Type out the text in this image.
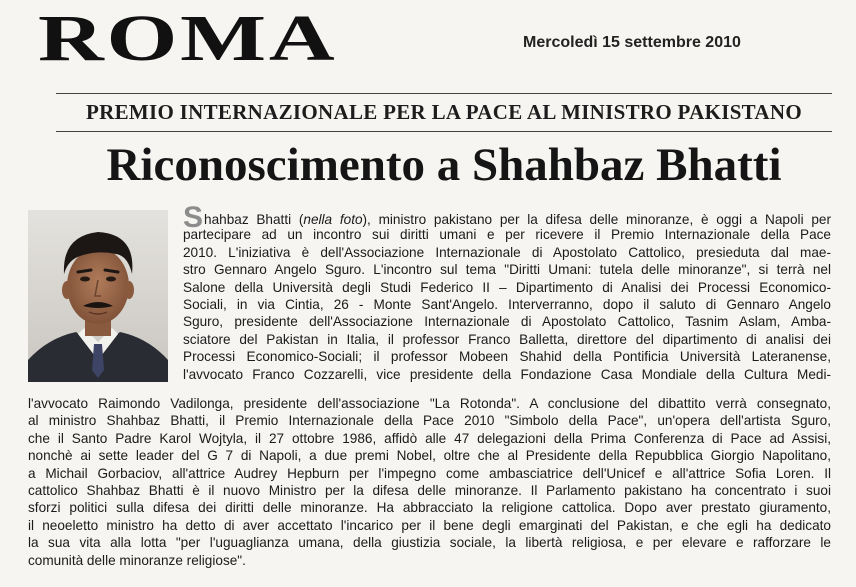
ROMA	Mercoledì 15 settembre 2010
PREMIO INTERNAZIONALE PER LA PACE AL MINISTRO PAKISTANO
Riconoscimento a Shahbaz Bhatti
Shahbaz Bhatti (nella foto), ministro pakistano per la difesa delle minoranze, è oggi a Napoli per
partecipare ad un incontro sui diritti umani e per ricevere il Premio Internazionale della Pace
2010. L'iniziativa è dell'Associazione Internazionale di Apostolato Cattolico, presieduta dal mae-
stro Gennaro Angelo Sguro. L'incontro sul tema "Diritti Umani: tutela delle minoranze", si terrà nel
Salone della Università degli Studi Federico II – Dipartimento di Analisi dei Processi Economico-
Sociali, in via Cintia, 26 - Monte Sant'Angelo. Interverranno, dopo il saluto di Gennaro Angelo
Sguro, presidente dell'Associazione Internazionale di Apostolato Cattolico, Tasnim Aslam, Amba-
sciatore del Pakistan in Italia, il professor Franco Balletta, direttore del dipartimento di analisi dei
Processi Economico-Sociali; il professor Mobeen Shahid della Pontificia Università Lateranense,
l'avvocato Franco Cozzarelli, vice presidente della Fondazione Casa Mondiale della Cultura Medi-
l'avvocato Raimondo Vadilonga, presidente dell'associazione "La Rotonda". A conclusione del dibattito verrà consegnato,
al ministro Shahbaz Bhatti, il Premio Internazionale della Pace 2010 "Simbolo della Pace", un'opera dell'artista Sguro,
che il Santo Padre Karol Wojtyla, il 27 ottobre 1986, affidò alle 47 delegazioni della Prima Conferenza di Pace ad Assisi,
nonchè ai sette leader del G 7 di Napoli, a due premi Nobel, oltre che al Presidente della Repubblica Giorgio Napolitano,
a Michail Gorbaciov, all'attrice Audrey Hepburn per l'impegno come ambasciatrice dell'Unicef e all'attrice Sofia Loren. Il
cattolico Shahbaz Bhatti è il nuovo Ministro per la difesa delle minoranze. Il Parlamento pakistano ha concentrato i suoi
sforzi politici sulla difesa dei diritti delle minoranze. Ha abbracciato la religione cattolica. Dopo aver prestato giuramento,
il neoeletto ministro ha detto di aver accettato l'incarico per il bene degli emarginati del Pakistan, e che egli ha dedicato
la sua vita alla lotta "per l'uguaglianza umana, della giustizia sociale, la libertà religiosa, e per elevare e rafforzare le
comunità delle minoranze religiose".
